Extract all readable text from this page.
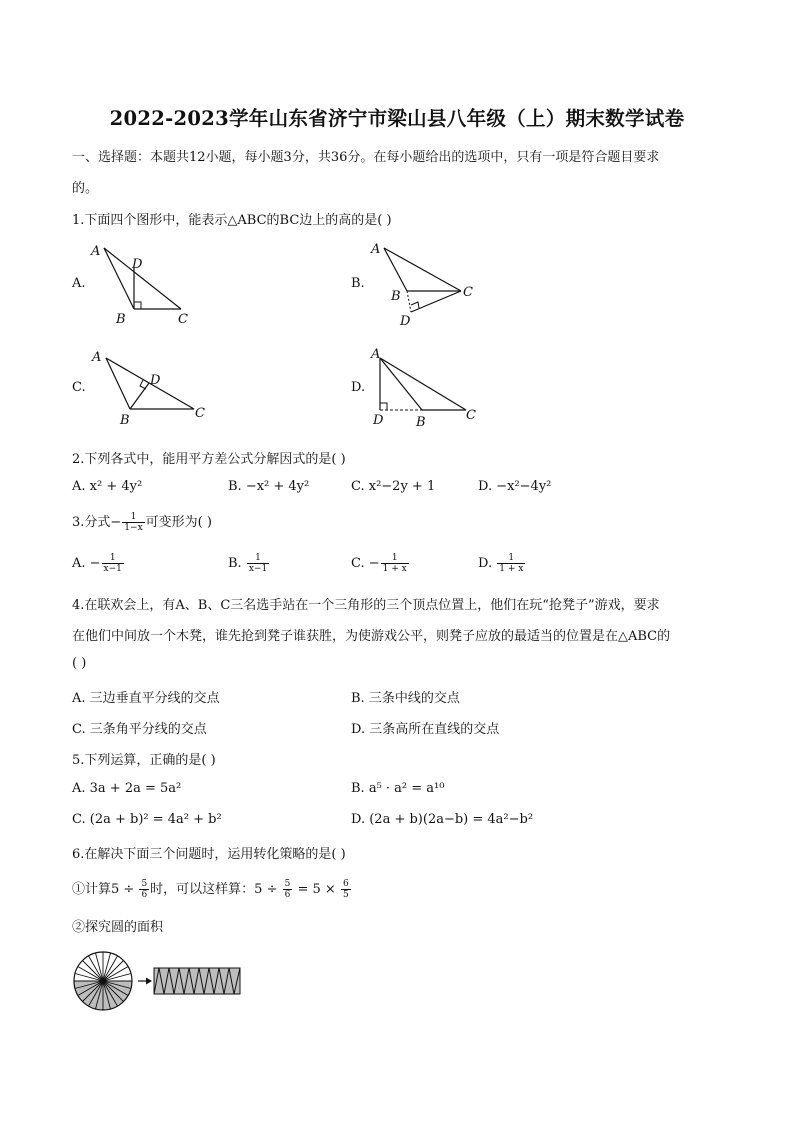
2022-2023学年山东省济宁市梁山县八年级（上）期末数学试卷
一、选择题：本题共12小题，每小题3分，共36分。在每小题给出的选项中，只有一项是符合题目要求
的。
1.下面四个图形中，能表示△ABC的BC边上的高的是( )
A.
A
D
B	C
B.
A
B	C
D
C.
A
D
B	C
D.
A
D	B	C
2.下列各式中，能用平方差公式分解因式的是( )
A. x² + 4y²	B. −x² + 4y²	C. x²−2y + 1	D. −x²−4y²
3.分式− $\frac{1}{1-x}$ 可变形为( )
A. − $\frac{1}{x-1}$	B. $\frac{1}{x-1}$	C. − $\frac{1}{1 + x}$	D. $\frac{1}{1 + x}$
4.在联欢会上，有A、B、C三名选手站在一个三角形的三个顶点位置上，他们在玩“抢凳子”游戏，要求
在他们中间放一个木凳，谁先抢到凳子谁获胜，为使游戏公平，则凳子应放的最适当的位置是在△ABC的
( )
A. 三边垂直平分线的交点	B. 三条中线的交点
C. 三条角平分线的交点	D. 三条高所在直线的交点
5.下列运算，正确的是( )
A. 3a + 2a = 5a²	B. a⁵ · a² = a¹⁰
C. (2a + b)² = 4a² + b²	D. (2a + b)(2a−b) = 4a²−b²
6.在解决下面三个问题时，运用转化策略的是( )
①计算$5 \div \frac{5}{6}$ 时，可以这样算：$5 \div \frac{5}{6} = 5 \times \frac{6}{5}$
②探究圆的面积
